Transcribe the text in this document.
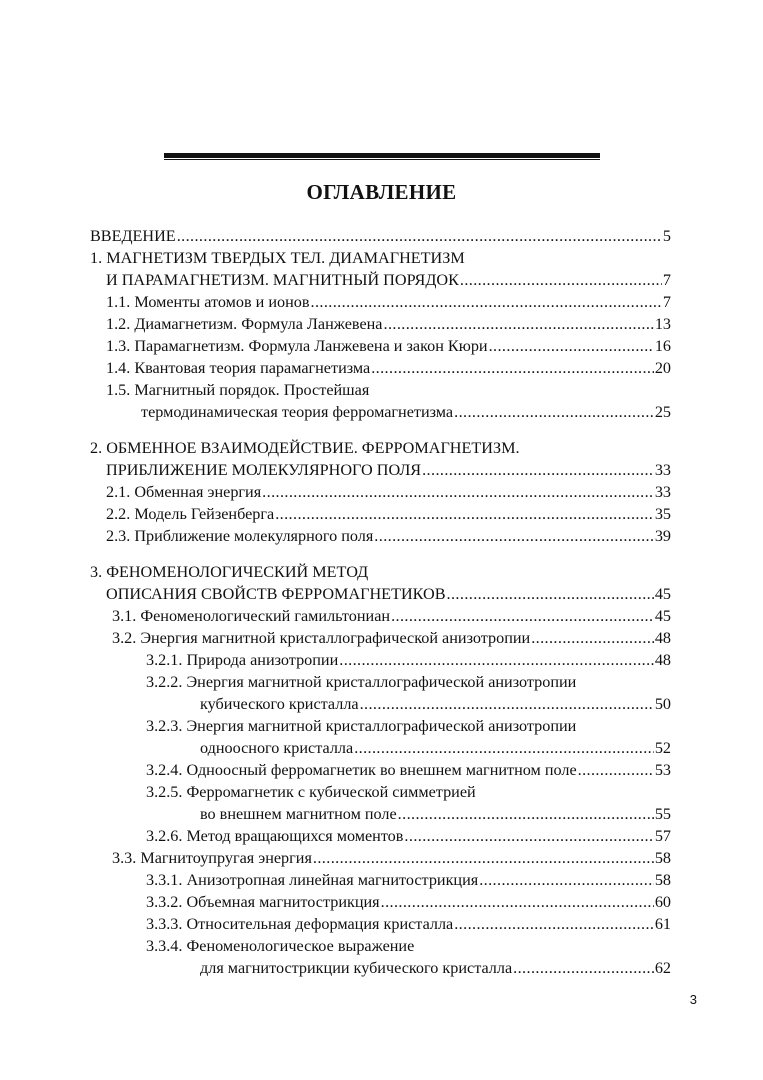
ОГЛАВЛЕНИЕ
ВВЕДЕНИЕ .....	5
1. МАГНЕТИЗМ ТВЕРДЫХ ТЕЛ. ДИАМАГНЕТИЗМ
И ПАРАМАГНЕТИЗМ. МАГНИТНЫЙ ПОРЯДОК .....	7
1.1. Моменты атомов и ионов .....	7
1.2. Диамагнетизм. Формула Ланжевена .....	13
1.3. Парамагнетизм. Формула Ланжевена и закон Кюри .....	16
1.4. Квантовая теория парамагнетизма .....	20
1.5. Магнитный порядок. Простейшая
термодинамическая теория ферромагнетизма .....	25
2. ОБМЕННОЕ ВЗАИМОДЕЙСТВИЕ. ФЕРРОМАГНЕТИЗМ.
ПРИБЛИЖЕНИЕ МОЛЕКУЛЯРНОГО ПОЛЯ .....	33
2.1. Обменная энергия .....	33
2.2. Модель Гейзенберга .....	35
2.3. Приближение молекулярного поля .....	39
3. ФЕНОМЕНОЛОГИЧЕСКИЙ МЕТОД
ОПИСАНИЯ СВОЙСТВ ФЕРРОМАГНЕТИКОВ .....	45
3.1. Феноменологический гамильтониан .....	45
3.2. Энергия магнитной кристаллографической анизотропии .....	48
3.2.1. Природа анизотропии .....	48
3.2.2. Энергия магнитной кристаллографической анизотропии
кубического кристалла .....	50
3.2.3. Энергия магнитной кристаллографической анизотропии
одноосного кристалла .....	52
3.2.4. Одноосный ферромагнетик во внешнем магнитном поле .....	53
3.2.5. Ферромагнетик с кубической симметрией
во внешнем магнитном поле .....	55
3.2.6. Метод вращающихся моментов .....	57
3.3. Магнитоупругая энергия .....	58
3.3.1. Анизотропная линейная магнитострикция .....	58
3.3.2. Объемная магнитострикция .....	60
3.3.3. Относительная деформация кристалла .....	61
3.3.4. Феноменологическое выражение
для магнитострикции кубического кристалла .....	62
3
